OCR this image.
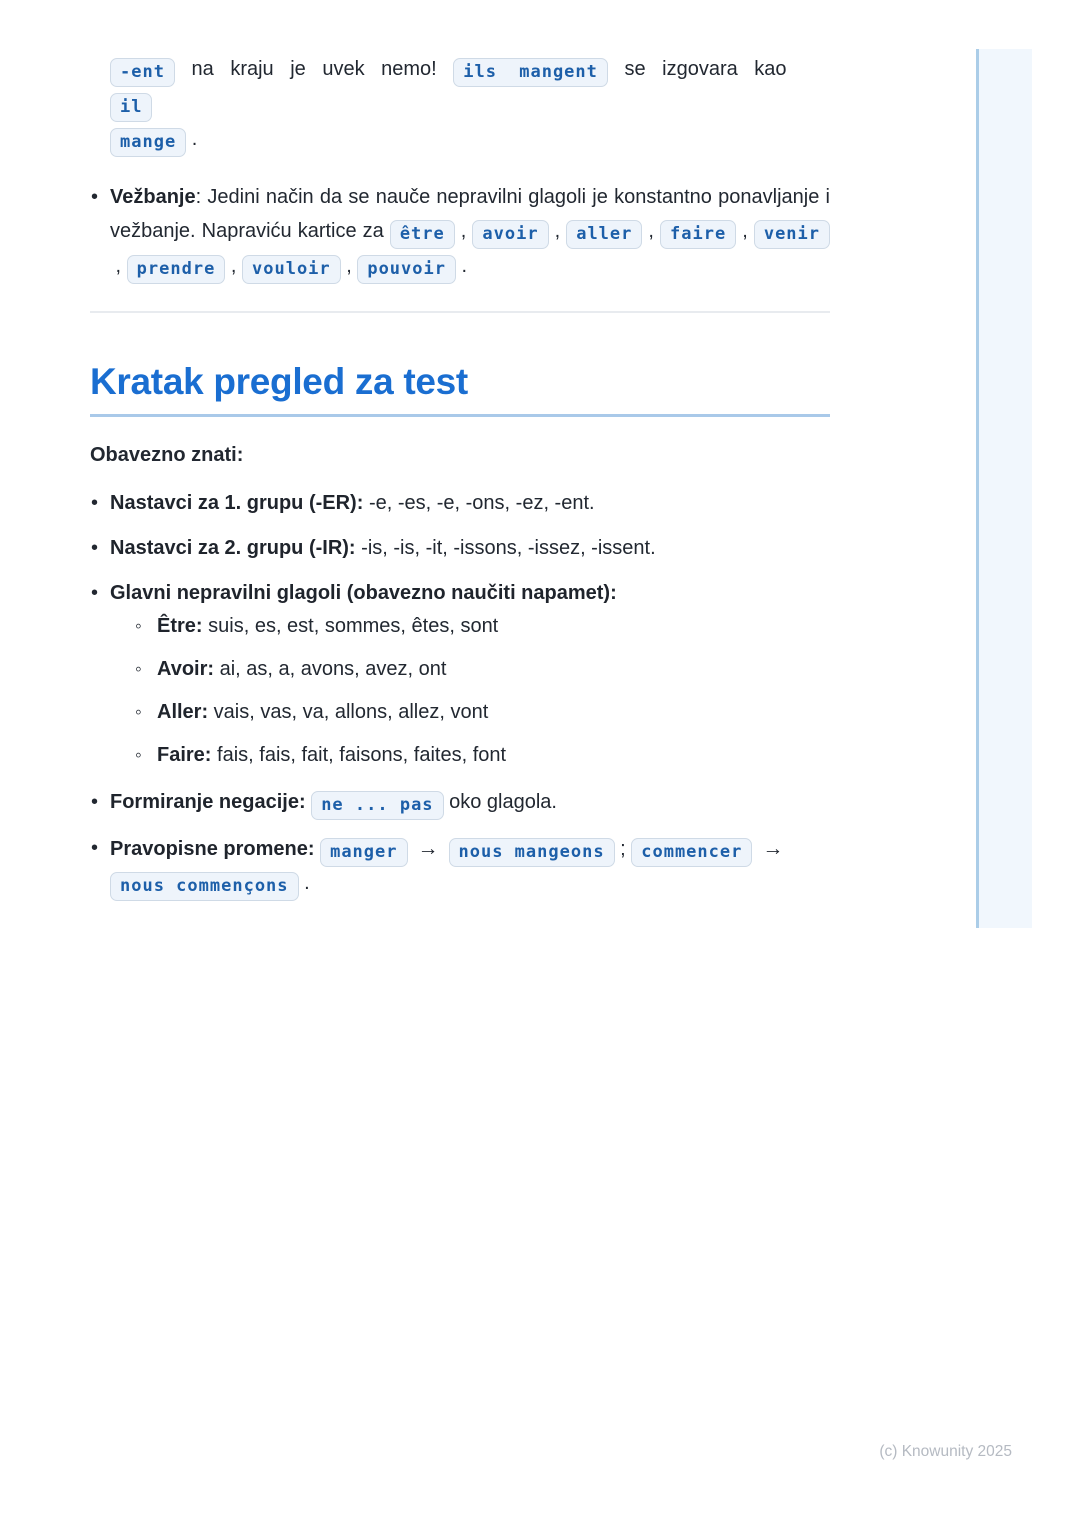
-ent na kraju je uvek nemo! ils mangent se izgovara kao il
mange .
• Vežbanje: Jedini način da se nauče nepravilni glagoli je konstantno ponavljanje i vežbanje. Napraviću kartice za être , avoir , aller , faire , venir , prendre , vouloir , pouvoir .
Kratak pregled za test

Obavezno znati:

• Nastavci za 1. grupu (-ER): -e, -es, -e, -ons, -ez, -ent.
• Nastavci za 2. grupu (-IR): -is, -is, -it, -issons, -issez, -issent.
• Glavni nepravilni glagoli (obavezno naučiti napamet):
◦ Être: suis, es, est, sommes, êtes, sont
◦ Avoir: ai, as, a, avons, avez, ont
◦ Aller: vais, vas, va, allons, allez, vont
◦ Faire: fais, fais, fait, faisons, faites, font
• Formiranje negacije: ne ... pas oko glagola.
• Pravopisne promene: manger → nous mangeons ; commencer →nous commençons .
(c) Knowunity 2025
